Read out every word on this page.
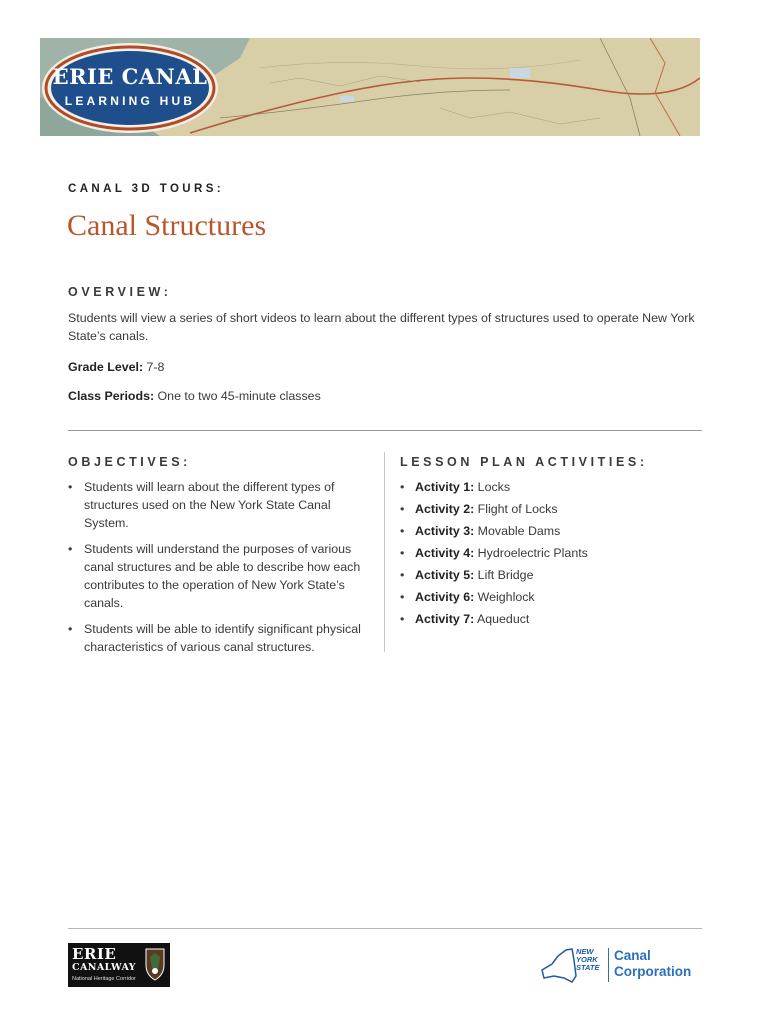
ERIE CANAL
LEARNING HUB
CANAL 3D TOURS:
Canal Structures
OVERVIEW:
Students will view a series of short videos to learn about the different types of structures used to operate New York State’s canals.
Grade Level: 7-8
Class Periods: One to two 45-minute classes
OBJECTIVES:
• Students will learn about the different types of structures used on the New York State Canal System.
• Students will understand the purposes of various canal structures and be able to describe how each contributes to the operation of New York State’s canals.
• Students will be able to identify significant physical characteristics of various canal structures.
LESSON PLAN ACTIVITIES:
• Activity 1: Locks
• Activity 2: Flight of Locks
• Activity 3: Movable Dams
• Activity 4: Hydroelectric Plants
• Activity 5: Lift Bridge
• Activity 6: Weighlock
• Activity 7: Aqueduct
ERIE
CANALWAY
National Heritage Corridor
NEW
YORK
STATE
Canal
Corporation
